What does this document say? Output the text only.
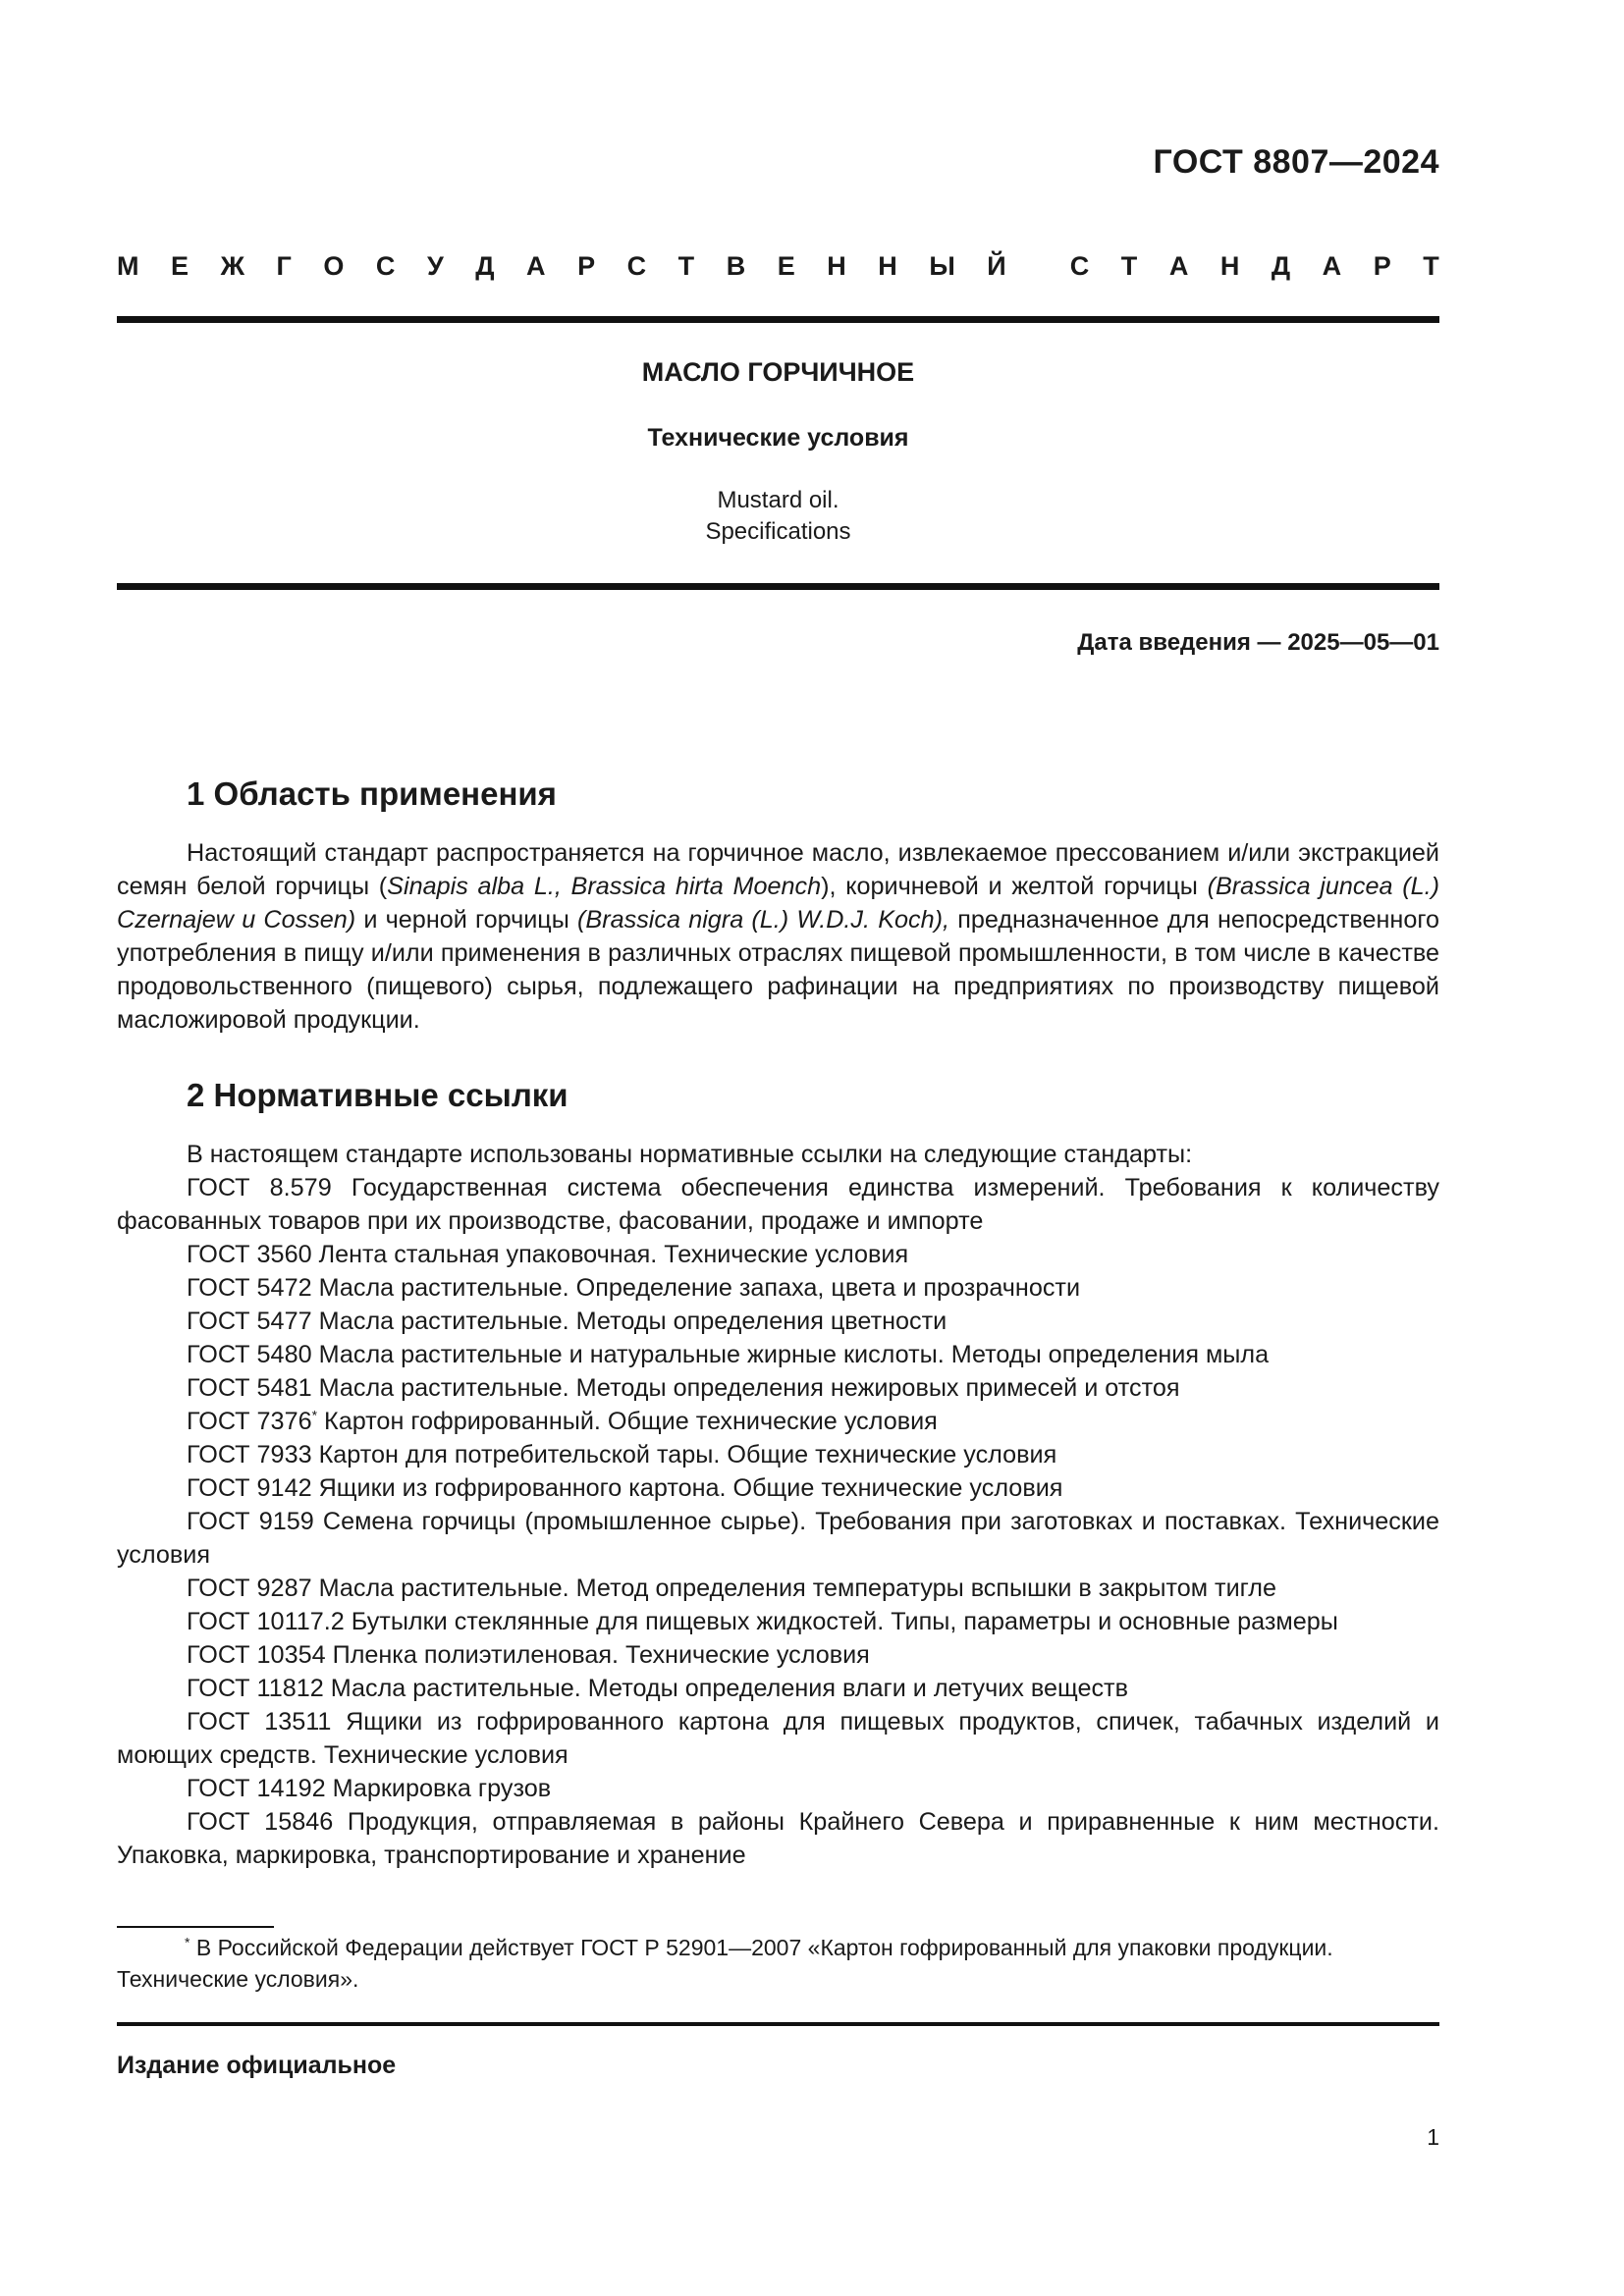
ГОСТ 8807—2024
М Е Ж Г О С У Д А Р С Т В Е Н Н Ы Й С Т А Н Д А Р Т
МАСЛО ГОРЧИЧНОЕ
Технические условия
Mustard oil.
Specifications
Дата введения — 2025—05—01
1 Область применения

Настоящий стандарт распространяется на горчичное масло, извлекаемое прессованием и/или экстракцией семян белой горчицы (Sinapis alba L., Brassica hirta Moench), коричневой и желтой горчицы (Brassica juncea (L.) Czernajew и Cossen) и черной горчицы (Brassica nigra (L.) W.D.J. Koch), предназначенное для непосредственного употребления в пищу и/или применения в различных отраслях пищевой промышленности, в том числе в качестве продовольственного (пищевого) сырья, подлежащего рафинации на предприятиях по производству пищевой масложировой продукции.

2 Нормативные ссылки

В настоящем стандарте использованы нормативные ссылки на следующие стандарты:

ГОСТ 8.579 Государственная система обеспечения единства измерений. Требования к количеству фасованных товаров при их производстве, фасовании, продаже и импорте

ГОСТ 3560 Лента стальная упаковочная. Технические условия

ГОСТ 5472 Масла растительные. Определение запаха, цвета и прозрачности

ГОСТ 5477 Масла растительные. Методы определения цветности

ГОСТ 5480 Масла растительные и натуральные жирные кислоты. Методы определения мыла

ГОСТ 5481 Масла растительные. Методы определения нежировых примесей и отстоя

ГОСТ 7376* Картон гофрированный. Общие технические условия

ГОСТ 7933 Картон для потребительской тары. Общие технические условия

ГОСТ 9142 Ящики из гофрированного картона. Общие технические условия

ГОСТ 9159 Семена горчицы (промышленное сырье). Требования при заготовках и поставках. Технические условия

ГОСТ 9287 Масла растительные. Метод определения температуры вспышки в закрытом тигле

ГОСТ 10117.2 Бутылки стеклянные для пищевых жидкостей. Типы, параметры и основные размеры

ГОСТ 10354 Пленка полиэтиленовая. Технические условия

ГОСТ 11812 Масла растительные. Методы определения влаги и летучих веществ

ГОСТ 13511 Ящики из гофрированного картона для пищевых продуктов, спичек, табачных изделий и моющих средств. Технические условия

ГОСТ 14192 Маркировка грузов

ГОСТ 15846 Продукция, отправляемая в районы Крайнего Севера и приравненные к ним местности. Упаковка, маркировка, транспортирование и хранение

* В Российской Федерации действует ГОСТ Р 52901—2007 «Картон гофрированный для упаковки продукции. Технические условия».
Издание официальное
1
